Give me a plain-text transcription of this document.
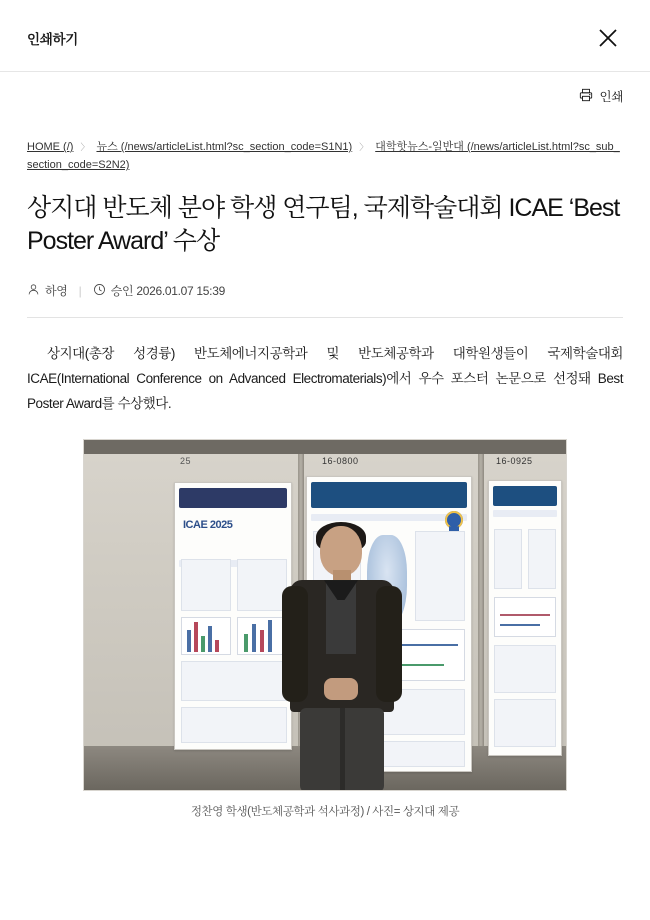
인쇄하기
인쇄
HOME (/) 〉 뉴스 (/news/articleList.html?sc_section_code=S1N1) 〉 대학핫뉴스-일반대 (/news/articleList.html?sc_sub_section_code=S2N2)
상지대 반도체 분야 학생 연구팀, 국제학술대회 ICAE ‘Best Poster Award’ 수상
하영 | 승인 2026.01.07 15:39

상지대(총장 성경륭) 반도체에너지공학과 및 반도체공학과 대학원생들이 국제학술대회 ICAE(International Conference on Advanced Electromaterials)에서 우수 포스터 논문으로 선정돼 Best Poster Award를 수상했다.

16-0800	16-0925
25
ICAE 2025
정찬영 학생(반도체공학과 석사과정) / 사진= 상지대 제공
